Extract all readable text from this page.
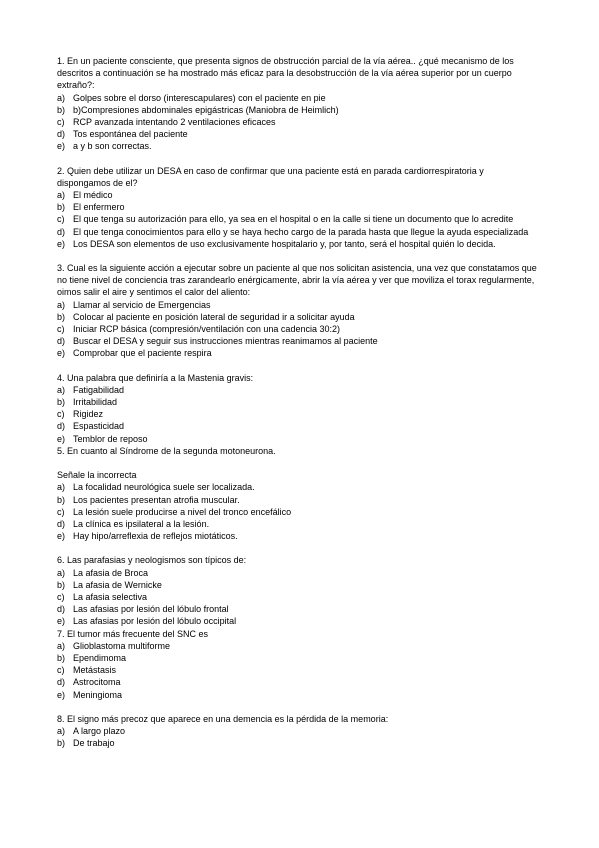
1. En un paciente consciente, que presenta signos de obstrucción parcial de la vía aérea.. ¿qué mecanismo de los descritos a continuación se ha mostrado más eficaz para la desobstrucción de la vía aérea superior por un cuerpo extraño?:

a) Golpes sobre el dorso (interescapulares) con el paciente en pie
b) b)Compresiones abdominales epigástricas (Maniobra de Heimlich)
c) RCP avanzada intentando 2 ventilaciones eficaces
d) Tos espontánea del paciente
e) a y b son correctas.

2. Quien debe utilizar un DESA en caso de confirmar que una paciente está en parada cardiorrespiratoria y dispongamos de el?

a) El médico
b) El enfermero
c) El que tenga su autorización para ello, ya sea en el hospital o en la calle si tiene un documento que lo acredite
d) El que tenga conocimientos para ello y se haya hecho cargo de la parada hasta que llegue la ayuda especializada
e) Los DESA son elementos de uso exclusivamente hospitalario y, por tanto, será el hospital quién lo decida.

3. Cual es la siguiente acción a ejecutar sobre un paciente al que nos solicitan asistencia, una vez que constatamos que no tiene nivel de conciencia tras zarandearlo enérgicamente, abrir la vía aérea y ver que moviliza el torax regularmente, oimos salir el aire y sentimos el calor del aliento:

a) Llamar al servicio de Emergencias
b) Colocar al paciente en posición lateral de seguridad ir a solicitar ayuda
c) Iniciar RCP básica (compresión/ventilación con una cadencia 30:2)
d) Buscar el DESA y seguir sus instrucciones mientras reanimamos al paciente
e) Comprobar que el paciente respira

4. Una palabra que definiría a la Mastenia gravis:

a) Fatigabilidad
b) Irritabilidad
c) Rigidez
d) Espasticidad
e) Temblor de reposo

5. En cuanto al Síndrome de la segunda motoneurona.

Señale la incorrecta

a) La focalidad neurológica suele ser localizada.
b) Los pacientes presentan atrofia muscular.
c) La lesión suele producirse a nivel del tronco encefálico
d) La clínica es ipsilateral a la lesión.
e) Hay hipo/arreflexia de reflejos miotáticos.

6. Las parafasias y neologismos son típicos de:

a) La afasia de Broca
b) La afasia de Wernicke
c) La afasia selectiva
d) Las afasias por lesión del lóbulo frontal
e) Las afasias por lesión del lóbulo occipital

7. El tumor más frecuente del SNC es

a) Glioblastoma multiforme
b) Ependimoma
c) Metástasis
d) Astrocitoma
e) Meningioma

8. El signo más precoz que aparece en una demencia es la pérdida de la memoria:

a) A largo plazo
b) De trabajo
